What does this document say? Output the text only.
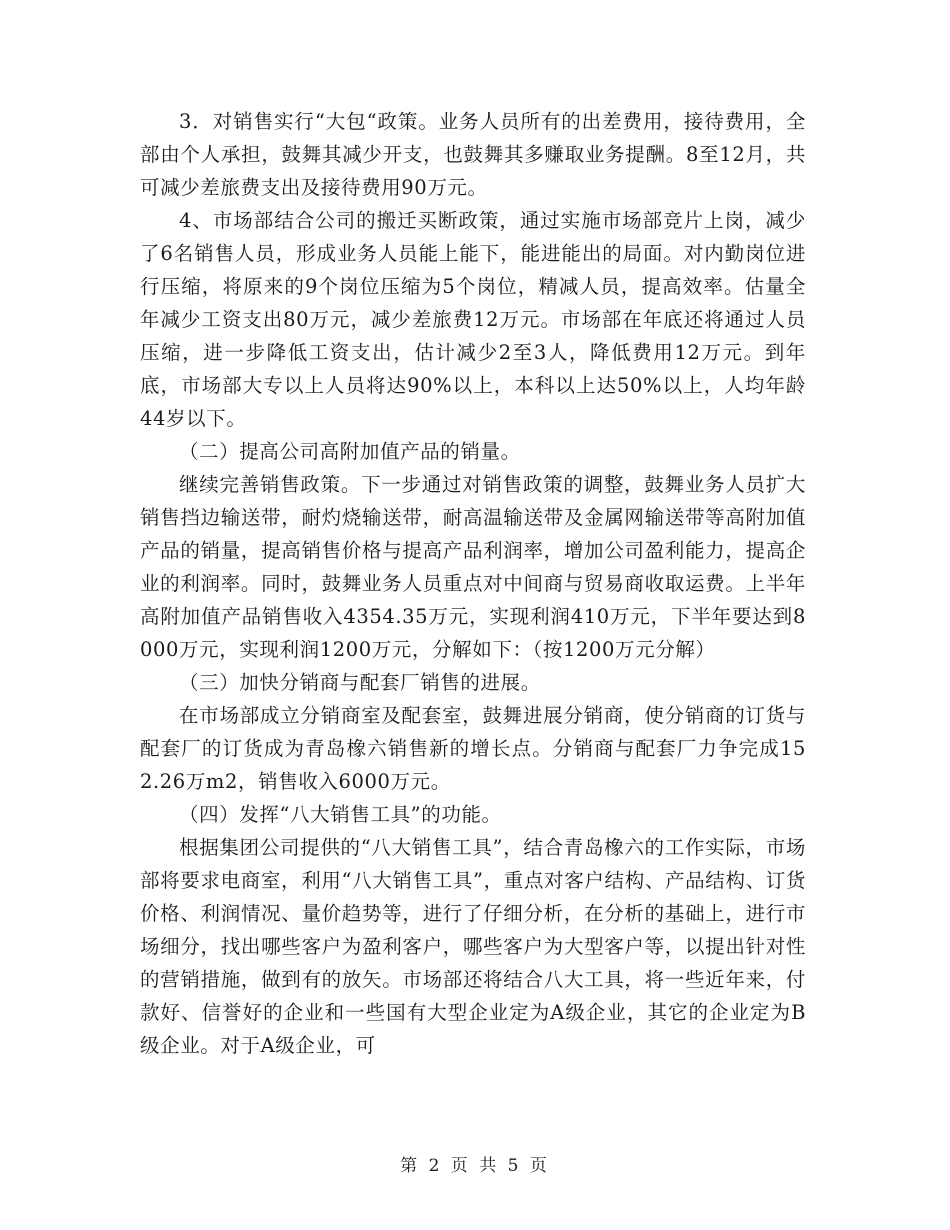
3．对销售实行“大包“政策。业务人员所有的出差费用，接待费用，全部由个人承担，鼓舞其减少开支，也鼓舞其多赚取业务提酬。8至12月，共可减少差旅费支出及接待费用90万元。

4、市场部结合公司的搬迁买断政策，通过实施市场部竞片上岗，减少了6名销售人员，形成业务人员能上能下，能进能出的局面。对内勤岗位进行压缩，将原来的9个岗位压缩为5个岗位，精减人员，提高效率。估量全年减少工资支出80万元，减少差旅费12万元。市场部在年底还将通过人员压缩，进一步降低工资支出，估计减少2至3人，降低费用12万元。到年底，市场部大专以上人员将达90%以上，本科以上达50%以上，人均年龄44岁以下。

（二）提高公司高附加值产品的销量。

继续完善销售政策。下一步通过对销售政策的调整，鼓舞业务人员扩大销售挡边输送带，耐灼烧输送带，耐高温输送带及金属网输送带等高附加值产品的销量，提高销售价格与提高产品利润率，增加公司盈利能力，提高企业的利润率。同时，鼓舞业务人员重点对中间商与贸易商收取运费。上半年高附加值产品销售收入4354.35万元，实现利润410万元，下半年要达到8000万元，实现利润1200万元，分解如下：（按1200万元分解）

（三）加快分销商与配套厂销售的进展。

在市场部成立分销商室及配套室，鼓舞进展分销商，使分销商的订货与配套厂的订货成为青岛橡六销售新的增长点。分销商与配套厂力争完成152.26万m2，销售收入6000万元。

（四）发挥“八大销售工具”的功能。

根据集团公司提供的“八大销售工具”，结合青岛橡六的工作实际，市场部将要求电商室，利用“八大销售工具”，重点对客户结构、产品结构、订货价格、利润情况、量价趋势等，进行了仔细分析，在分析的基础上，进行市场细分，找出哪些客户为盈利客户，哪些客户为大型客户等，以提出针对性的营销措施，做到有的放矢。市场部还将结合八大工具，将一些近年来，付款好、信誉好的企业和一些国有大型企业定为A级企业，其它的企业定为B级企业。对于A级企业，可

第 2 页 共 5 页
